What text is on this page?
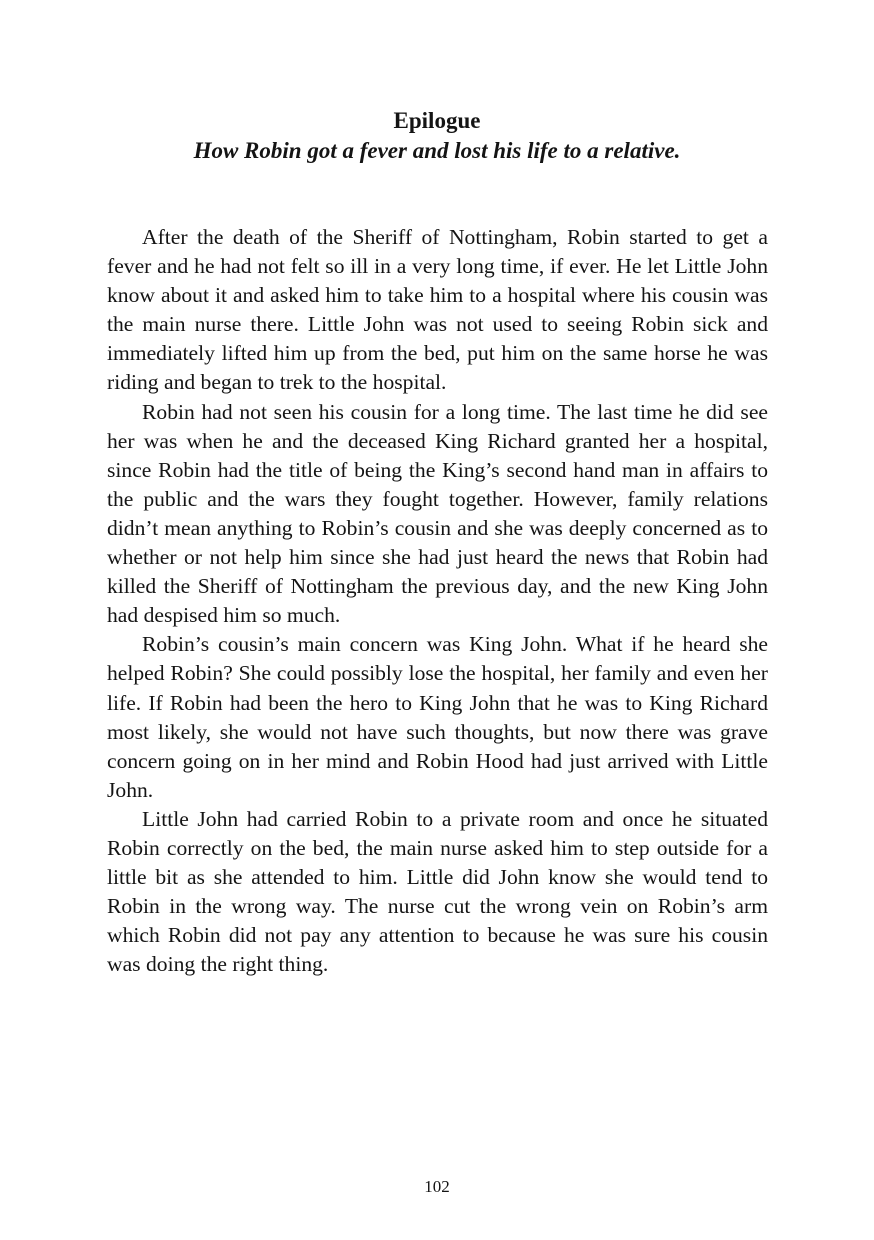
Epilogue
How Robin got a fever and lost his life to a relative.

After the death of the Sheriff of Nottingham, Robin started to get a fever and he had not felt so ill in a very long time, if ever. He let Little John know about it and asked him to take him to a hospital where his cousin was the main nurse there. Little John was not used to seeing Robin sick and immediately lifted him up from the bed, put him on the same horse he was riding and began to trek to the hospital.

Robin had not seen his cousin for a long time. The last time he did see her was when he and the deceased King Richard granted her a hospital, since Robin had the title of being the King’s second hand man in affairs to the public and the wars they fought together. However, family relations didn’t mean anything to Robin’s cousin and she was deeply concerned as to whether or not help him since she had just heard the news that Robin had killed the Sheriff of Nottingham the previous day, and the new King John had despised him so much.

Robin’s cousin’s main concern was King John. What if he heard she helped Robin? She could possibly lose the hospital, her family and even her life. If Robin had been the hero to King John that he was to King Richard most likely, she would not have such thoughts, but now there was grave concern going on in her mind and Robin Hood had just arrived with Little John.

Little John had carried Robin to a private room and once he situated Robin correctly on the bed, the main nurse asked him to step outside for a little bit as she attended to him. Little did John know she would tend to Robin in the wrong way. The nurse cut the wrong vein on Robin’s arm which Robin did not pay any attention to because he was sure his cousin was doing the right thing.

102
